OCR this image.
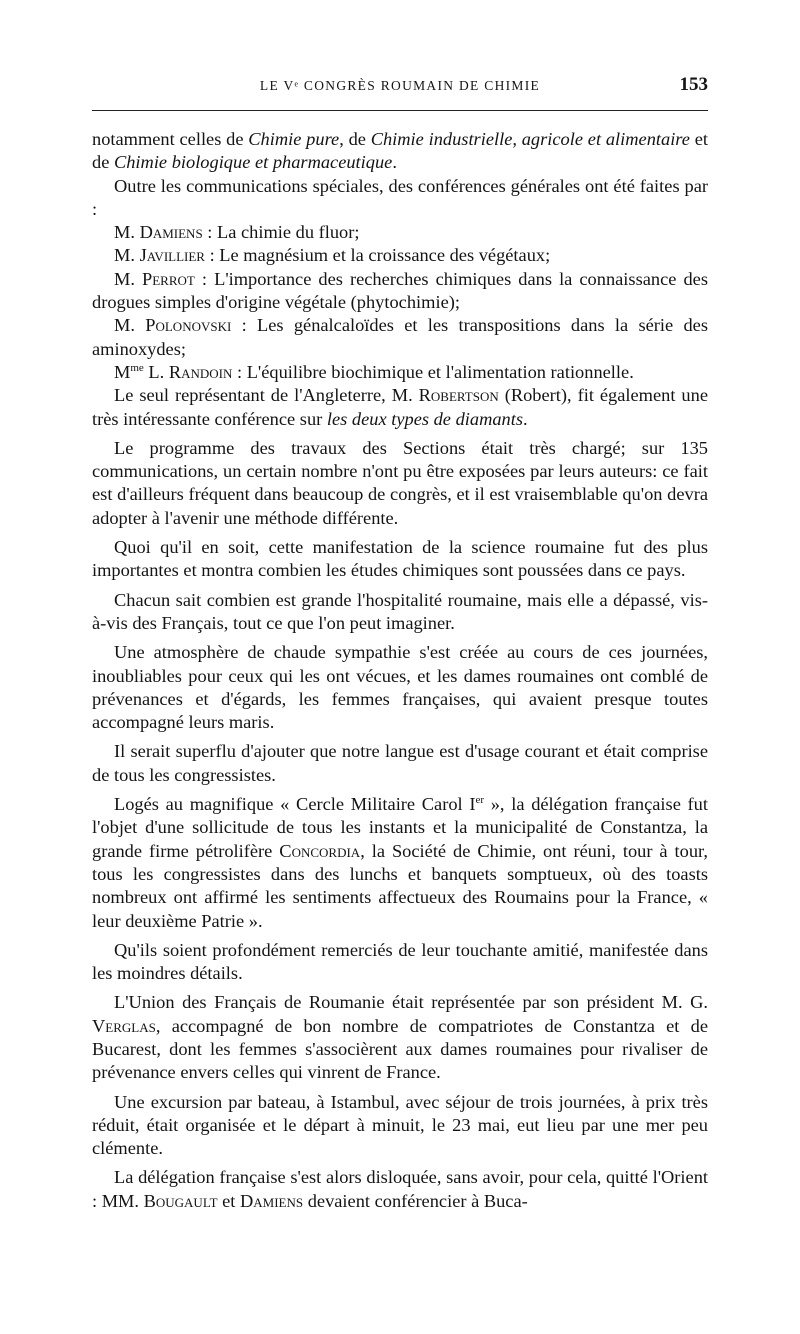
LE Vᵉ CONGRÈS ROUMAIN DE CHIMIE	153

notamment celles de Chimie pure, de Chimie industrielle, agricole et alimentaire et de Chimie biologique et pharmaceutique.

Outre les communications spéciales, des conférences générales ont été faites par :

M. Damiens : La chimie du fluor;

M. Javillier : Le magnésium et la croissance des végétaux;

M. Perrot : L'importance des recherches chimiques dans la connaissance des drogues simples d'origine végétale (phytochimie);

M. Polonovski : Les génalcaloïdes et les transpositions dans la série des aminoxydes;

$M^{me}$ L. Randoin : L'équilibre biochimique et l'alimentation rationnelle.

Le seul représentant de l'Angleterre, M. Robertson (Robert), fit également une très intéressante conférence sur les deux types de diamants.

Le programme des travaux des Sections était très chargé; sur 135 communications, un certain nombre n'ont pu être exposées par leurs auteurs: ce fait est d'ailleurs fréquent dans beaucoup de congrès, et il est vraisemblable qu'on devra adopter à l'avenir une méthode différente.

Quoi qu'il en soit, cette manifestation de la science roumaine fut des plus importantes et montra combien les études chimiques sont poussées dans ce pays.

Chacun sait combien est grande l'hospitalité roumaine, mais elle a dépassé, vis-à-vis des Français, tout ce que l'on peut imaginer.

Une atmosphère de chaude sympathie s'est créée au cours de ces journées, inoubliables pour ceux qui les ont vécues, et les dames roumaines ont comblé de prévenances et d'égards, les femmes françaises, qui avaient presque toutes accompagné leurs maris.

Il serait superflu d'ajouter que notre langue est d'usage courant et était comprise de tous les congressistes.

Logés au magnifique « Cercle Militaire Carol Ier », la délégation française fut l'objet d'une sollicitude de tous les instants et la municipalité de Constantza, la grande firme pétrolifère Concordia, la Société de Chimie, ont réuni, tour à tour, tous les congressistes dans des lunchs et banquets somptueux, où des toasts nombreux ont affirmé les sentiments affectueux des Roumains pour la France, « leur deuxième Patrie ».

Qu'ils soient profondément remerciés de leur touchante amitié, manifestée dans les moindres détails.

L'Union des Français de Roumanie était représentée par son président M. G. Verglas, accompagné de bon nombre de compatriotes de Constantza et de Bucarest, dont les femmes s'associèrent aux dames roumaines pour rivaliser de prévenance envers celles qui vinrent de France.

Une excursion par bateau, à Istambul, avec séjour de trois journées, à prix très réduit, était organisée et le départ à minuit, le 23 mai, eut lieu par une mer peu clémente.

La délégation française s'est alors disloquée, sans avoir, pour cela, quitté l'Orient : MM. Bougault et Damiens devaient conférencier à Buca-
